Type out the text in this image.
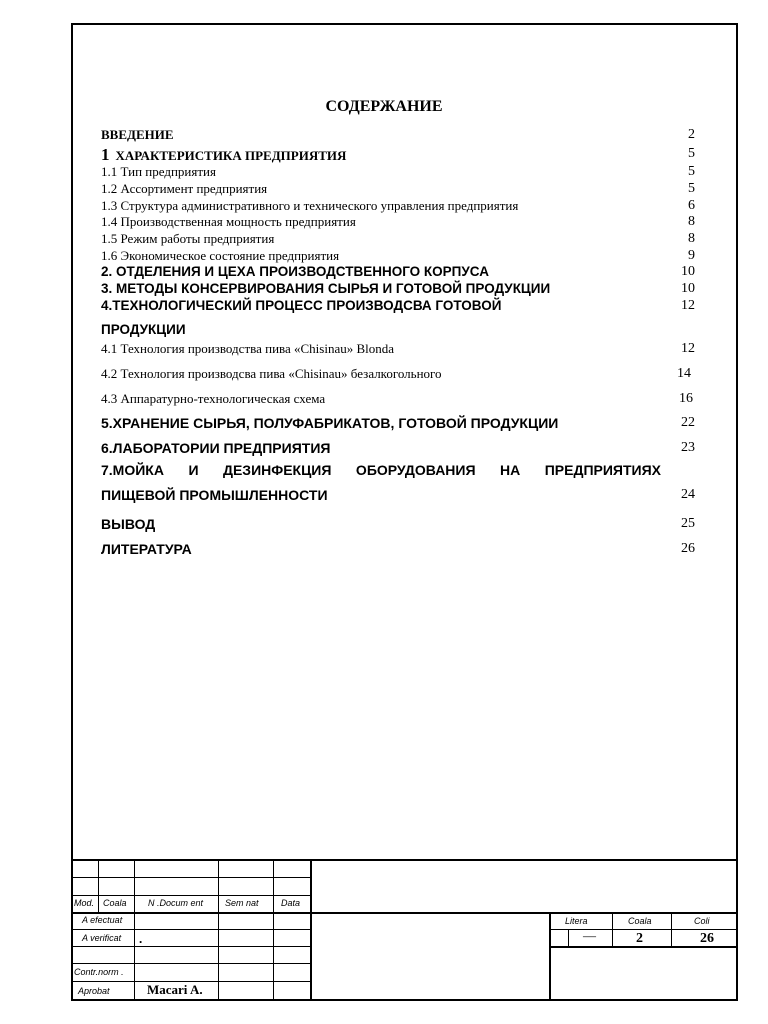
СОДЕРЖАНИЕ
ВВЕДЕНИЕ	2
1 ХАРАКТЕРИСТИКА ПРЕДПРИЯТИЯ	5
1.1 Тип предприятия	5
1.2 Ассортимент предприятия	5
1.3 Структура административного и технического управления предприятия	6
1.4 Производственная мощность предприятия	8
1.5 Режим работы предприятия	8
1.6 Экономическое состояние предприятия	9
2. ОТДЕЛЕНИЯ И ЦЕХА ПРОИЗВОДСТВЕННОГО КОРПУСА	10
3. МЕТОДЫ КОНСЕРВИРОВАНИЯ СЫРЬЯ И ГОТОВОЙ ПРОДУКЦИИ	10
4.ТЕХНОЛОГИЧЕСКИЙ ПРОЦЕСС ПРОИЗВОДСВА ГОТОВОЙ	12
ПРОДУКЦИИ
4.1 Технология производства пива «Chisinau» Blonda	12
4.2 Технология производсва пива «Chisinau» безалкогольного	14
4.3 Аппаратурно-технологическая схема	16
5.ХРАНЕНИЕ СЫРЬЯ, ПОЛУФАБРИКАТОВ, ГОТОВОЙ ПРОДУКЦИИ	22
6.ЛАБОРАТОРИИ ПРЕДПРИЯТИЯ	23
7.МОЙКА И ДЕЗИНФЕКЦИЯ ОБОРУДОВАНИЯ НА ПРЕДПРИЯТИЯХ
ПИЩЕВОЙ ПРОМЫШЛЕННОСТИ	24
ВЫВОД	25
ЛИТЕРАТУРА	26
Mod. Coala N .Docum ent Sem nat Data
A efectuat
A verificat .
Contr.norm .
Aprobat	Macari A.
Litera	Coala	Coli
—	2	26
